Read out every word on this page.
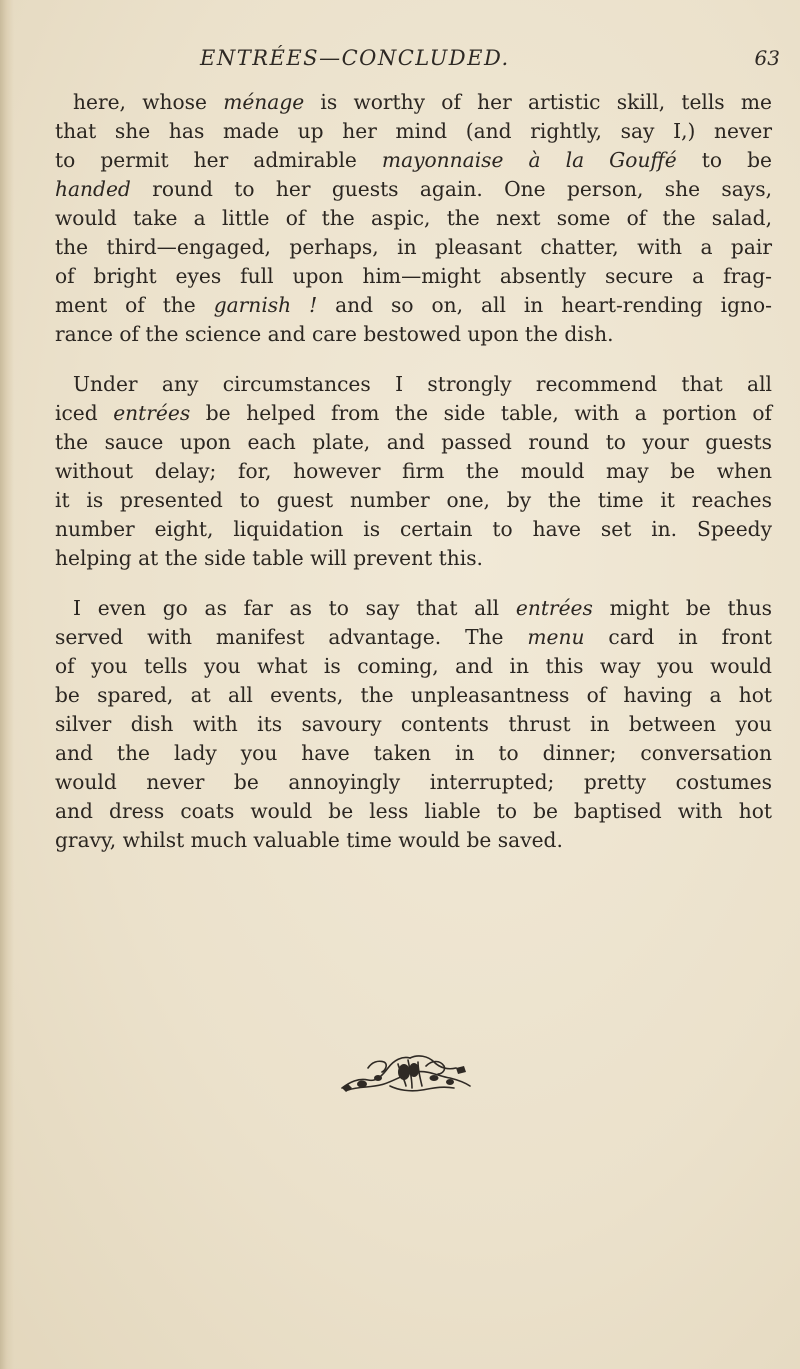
ENTRÉES—CONCLUDED.	63

here, whose ménage is worthy of her artistic skill, tells me
that she has made up her mind (and rightly, say I,) never
to permit her admirable mayonnaise à la Gouffé to be
handed round to her guests again. One person, she says,
would take a little of the aspic, the next some of the salad,
the third—engaged, perhaps, in pleasant chatter, with a pair
of bright eyes full upon him—might absently secure a frag-
ment of the garnish ! and so on, all in heart-rending igno-
rance of the science and care bestowed upon the dish.

Under any circumstances I strongly recommend that all
iced entrées be helped from the side table, with a portion of
the sauce upon each plate, and passed round to your guests
without delay; for, however firm the mould may be when
it is presented to guest number one, by the time it reaches
number eight, liquidation is certain to have set in. Speedy
helping at the side table will prevent this.

I even go as far as to say that all entrées might be thus
served with manifest advantage. The menu card in front
of you tells you what is coming, and in this way you would
be spared, at all events, the unpleasantness of having a hot
silver dish with its savoury contents thrust in between you
and the lady you have taken in to dinner; conversation
would never be annoyingly interrupted; pretty costumes
and dress coats would be less liable to be baptised with hot
gravy, whilst much valuable time would be saved.
